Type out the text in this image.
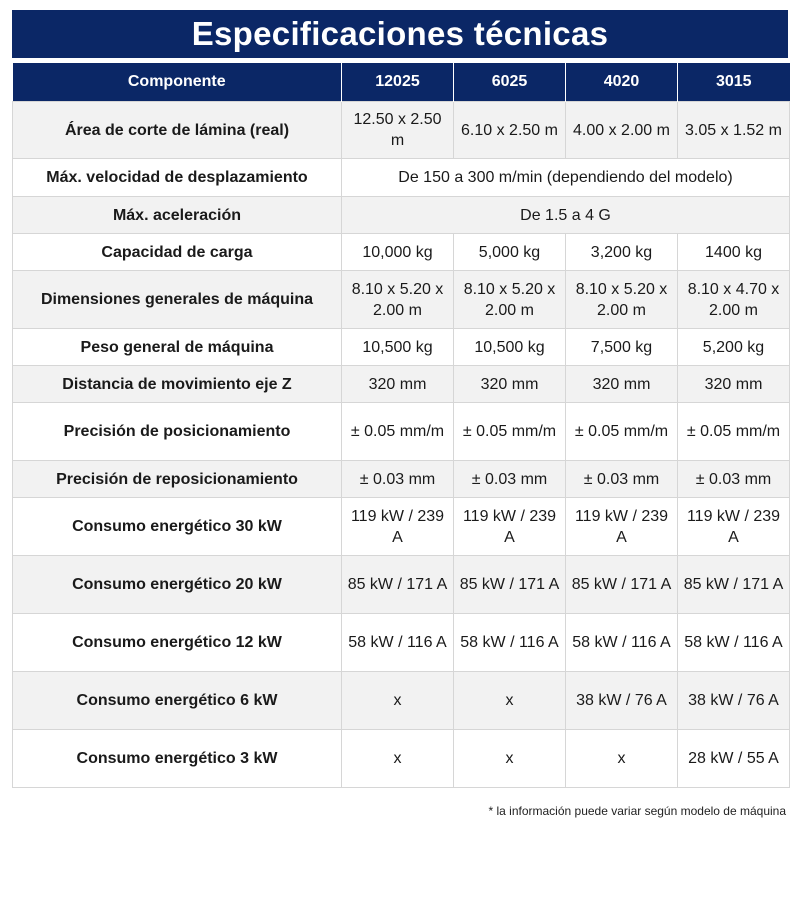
Especificaciones técnicas
Componente	12025	6025	4020	3015
Área de corte de lámina (real)	12.50 x 2.50 m	6.10 x 2.50 m	4.00 x 2.00 m	3.05 x 1.52 m
Máx. velocidad de desplazamiento	De 150 a 300 m/min (dependiendo del modelo)			
Máx. aceleración	De 1.5 a 4 G			
Capacidad de carga	10,000 kg	5,000 kg	3,200 kg	1400 kg
Dimensiones generales de máquina	8.10 x 5.20 x 2.00 m	8.10 x 5.20 x 2.00 m	8.10 x 5.20 x 2.00 m	8.10 x 4.70 x 2.00 m
Peso general de máquina	10,500 kg	10,500 kg	7,500 kg	5,200 kg
Distancia de movimiento eje Z	320 mm	320 mm	320 mm	320 mm
Precisión de posicionamiento	± 0.05 mm/m	± 0.05 mm/m	± 0.05 mm/m	± 0.05 mm/m
Precisión de reposicionamiento	± 0.03 mm	± 0.03 mm	± 0.03 mm	± 0.03 mm
Consumo energético 30 kW	119 kW / 239 A	119 kW / 239 A	119 kW / 239 A	119 kW / 239 A
Consumo energético 20 kW	85 kW / 171 A	85 kW / 171 A	85 kW / 171 A	85 kW / 171 A
Consumo energético 12 kW	58 kW / 116 A	58 kW / 116 A	58 kW / 116 A	58 kW / 116 A
Consumo energético 6 kW	x	x	38 kW / 76 A	38 kW / 76 A
Consumo energético 3 kW	x	x	x	28 kW / 55 A
* la información puede variar según modelo de máquina
